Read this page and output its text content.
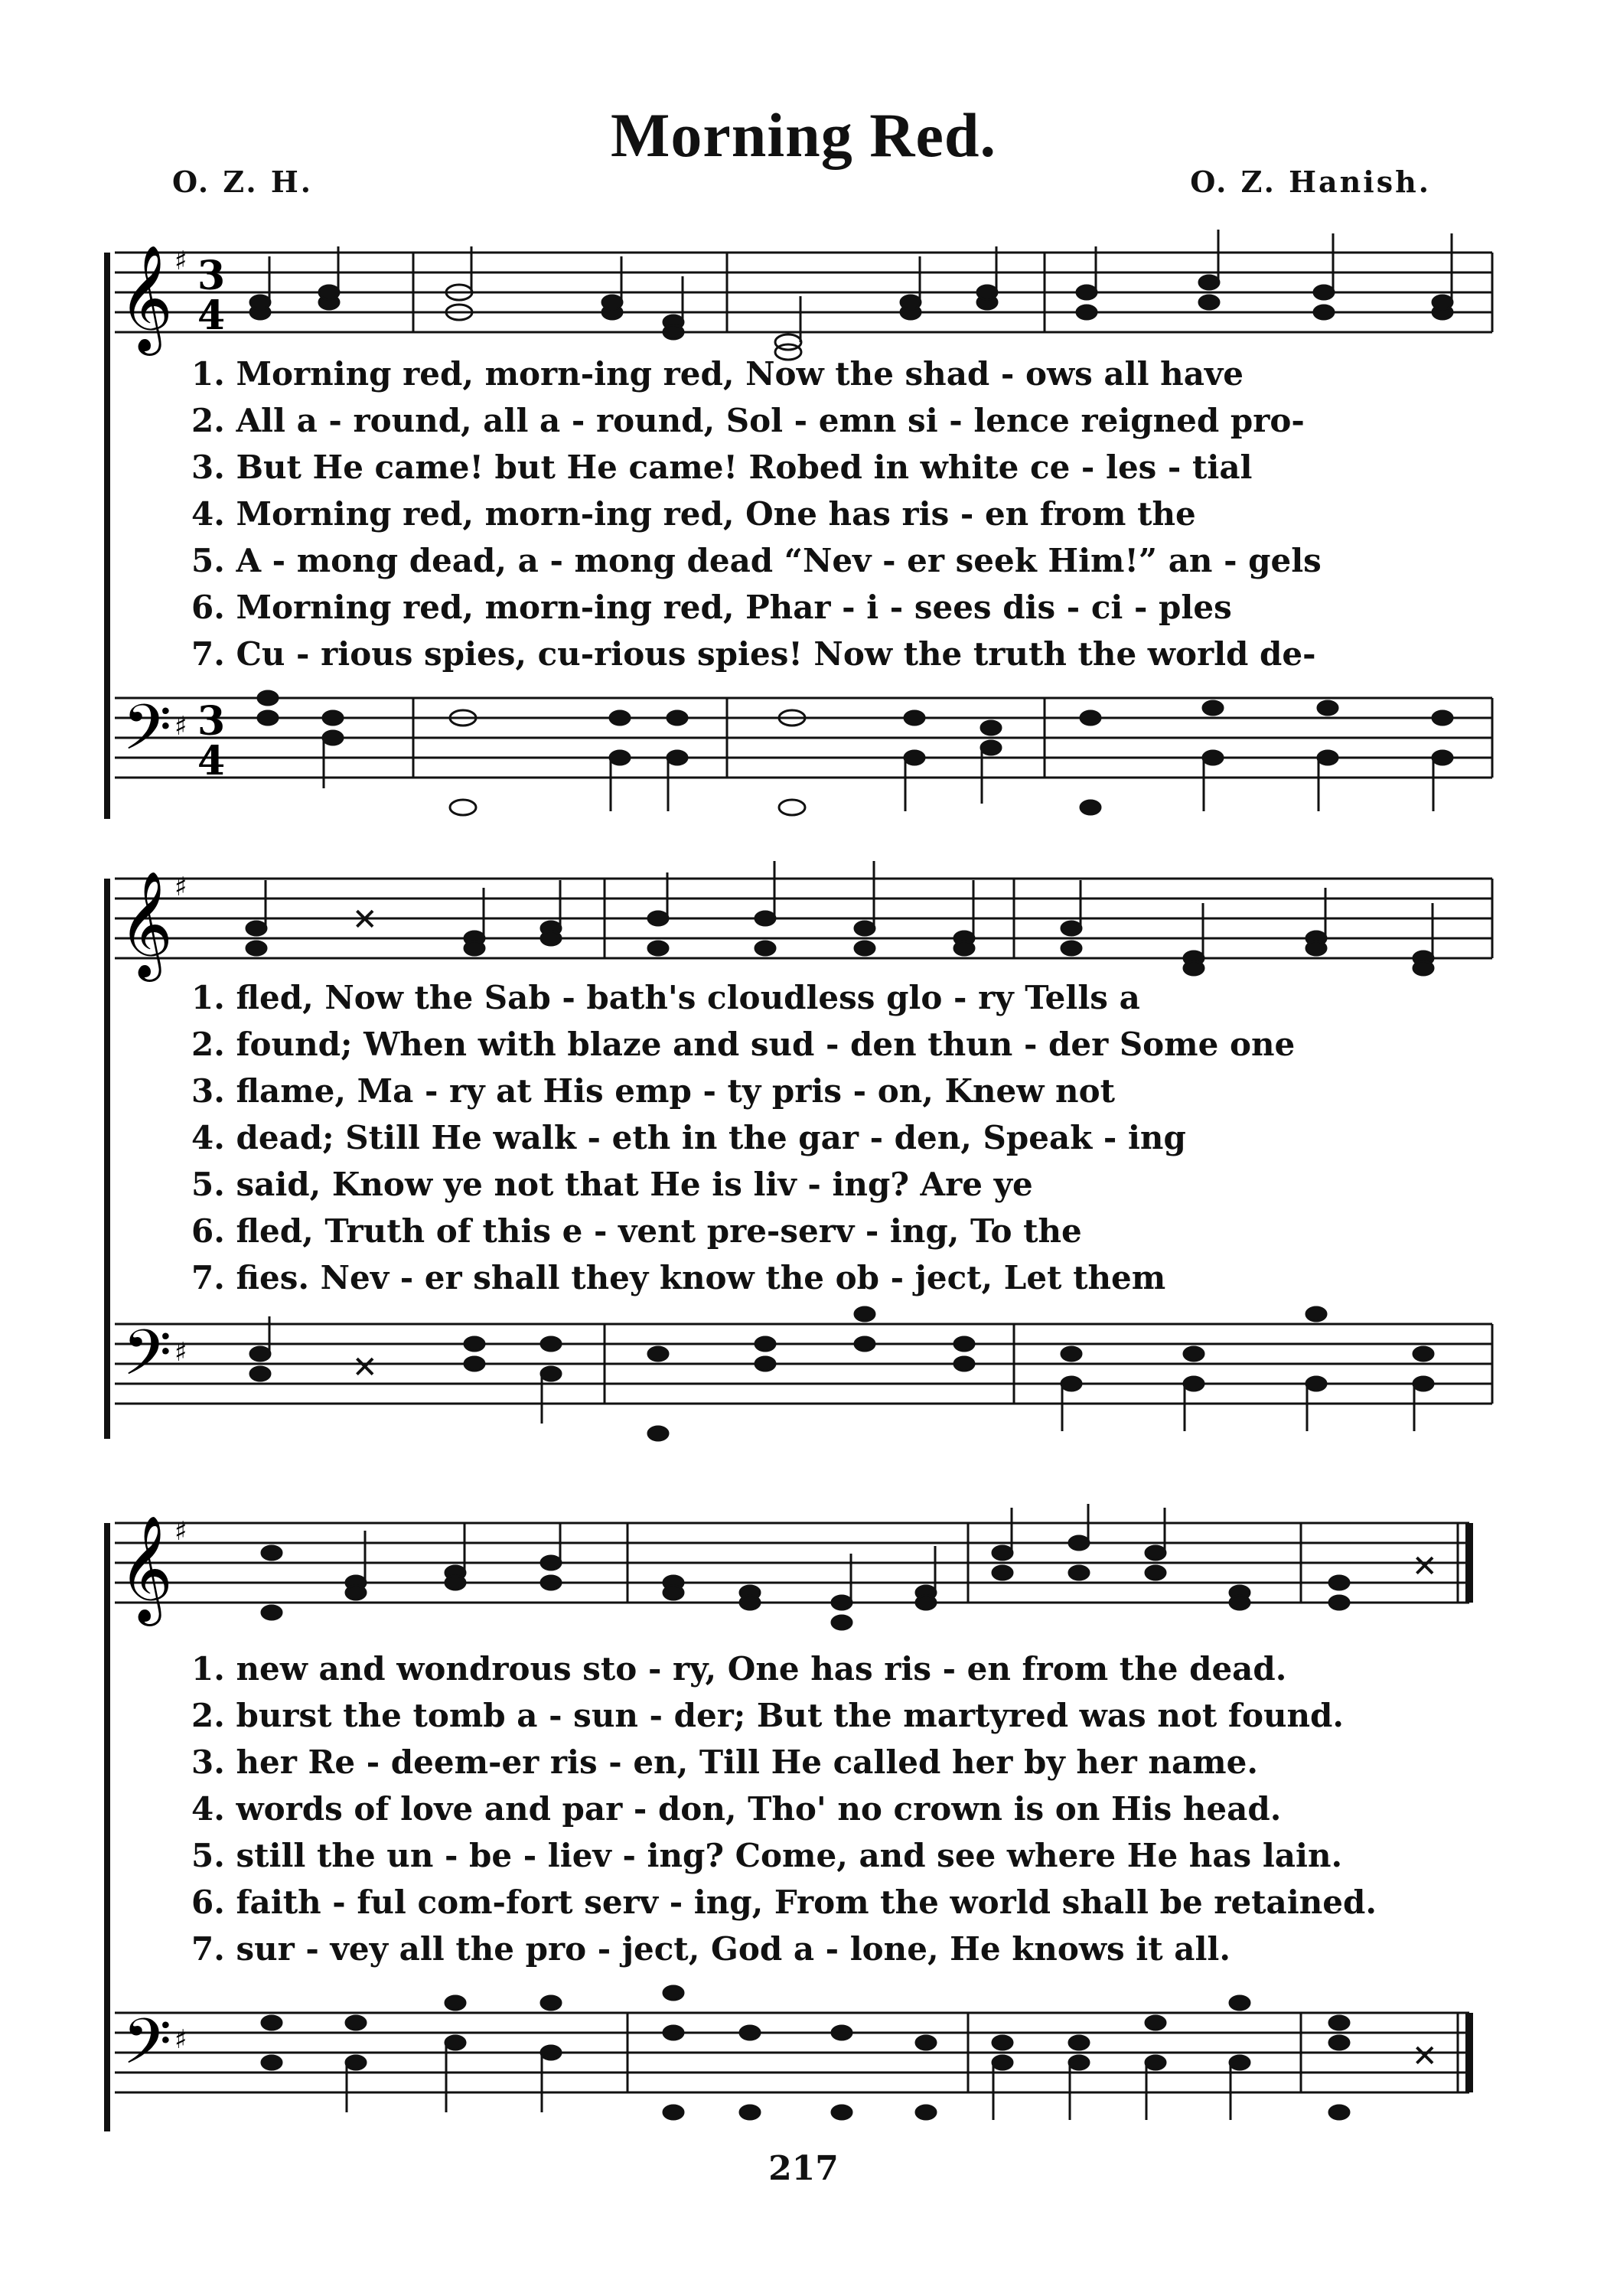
Morning Red.
O. Z. H.	O. Z. Hanish.
𝄞 ♯ 3
4
1. Morning red, morn-ing red, Now the shad - ows all have
2. All a - round, all a - round, Sol - emn si - lence reigned pro-
3. But He came! but He came! Robed in white ce - les - tial
4. Morning red, morn-ing red, One has ris - en from the
5. A - mong dead, a - mong dead “Nev - er seek Him!” an - gels
6. Morning red, morn-ing red, Phar - i - sees dis - ci - ples
7. Cu - rious spies, cu-rious spies! Now the truth the world de-
𝄢 ♯ 3
4
𝄞 ♯
✕
1. fled, Now the Sab - bath's cloudless glo - ry Tells a
2. found; When with blaze and sud - den thun - der Some one
3. flame, Ma - ry at His emp - ty pris - on, Knew not
4. dead; Still He walk - eth in the gar - den, Speak - ing
5. said, Know ye not that He is liv - ing? Are ye
6. fled, Truth of this e - vent pre-serv - ing, To the
7. fies. Nev - er shall they know the ob - ject, Let them
𝄢 ♯	✕
𝄞 ♯
✕
1. new and wondrous sto - ry, One has ris - en from the dead.
2. burst the tomb a - sun - der; But the martyred was not found.
3. her Re - deem-er ris - en, Till He called her by her name.
4. words of love and par - don, Tho' no crown is on His head.
5. still the un - be - liev - ing? Come, and see where He has lain.
6. faith - ful com-fort serv - ing, From the world shall be retained.
7. sur - vey all the pro - ject, God a - lone, He knows it all.
𝄢 ♯	✕
217
